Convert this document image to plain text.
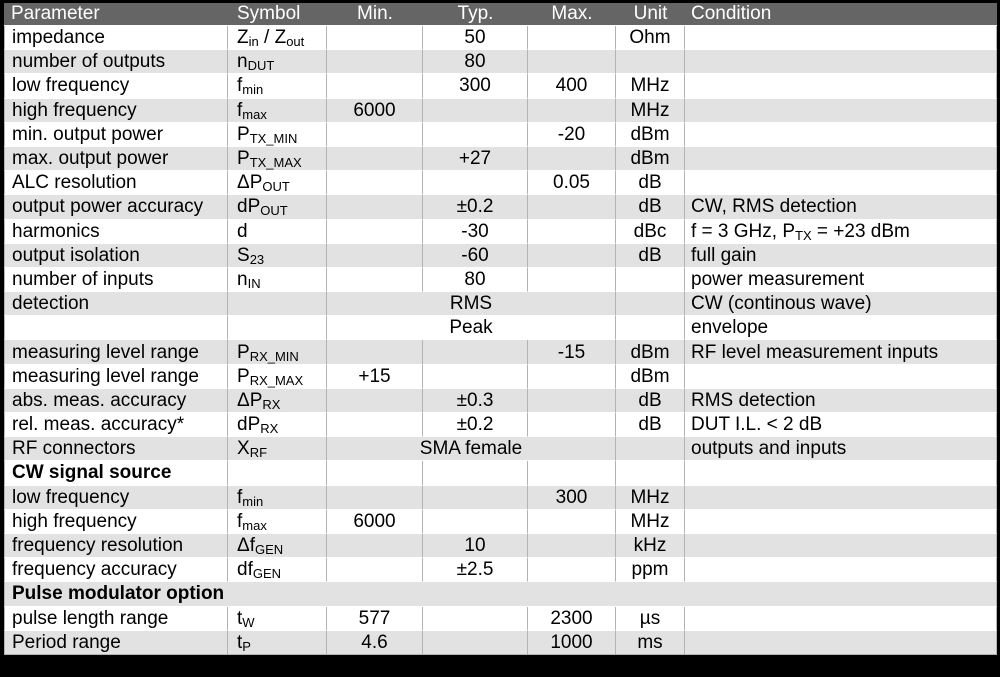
Parameter	Symbol	Min.	Typ.	Max.	Unit	Condition
impedance	$Z_{in} / Z_{out}$		50		Ohm	
number of outputs	$n_{DUT}$		80			
low frequency	$f_{min}$		300	400	MHz	
high frequency	$f_{max}$	6000			MHz	
min. output power	$P_{TX\_MIN}$			-20	dBm	
max. output power	$P_{TX\_MAX}$		+27		dBm	
ALC resolution	$\Delta P_{OUT}$			0.05	dB	
output power accuracy	$dP_{OUT}$		±0.2		dB	CW, RMS detection
harmonics	d		-30		dBc	f = 3 GHz, $P_{TX} = +23$ dBm
output isolation	$S_{23}$		-60		dB	full gain
number of inputs	$n_{IN}$		80			power measurement
detection		RMS				CW (continous wave)
		Peak				envelope
measuring level range	$P_{RX\_MIN}$			-15	dBm	RF level measurement inputs
measuring level range	$P_{RX\_MAX}$	+15			dBm	
abs. meas. accuracy	$\Delta P_{RX}$		±0.3		dB	RMS detection
rel. meas. accuracy*	$dP_{RX}$		±0.2		dB	DUT I.L. < 2 dB
RF connectors	$X_{RF}$	SMA female				outputs and inputs
CW signal source						
low frequency	$f_{min}$			300	MHz	
high frequency	$f_{max}$	6000			MHz	
frequency resolution	$\Delta f_{GEN}$		10		kHz	
frequency accuracy	$df_{GEN}$		±2.5		ppm	
Pulse modulator option						
pulse length range	$t_W$	577		2300	µs	
Period range	$t_P$	4.6		1000	ms	
